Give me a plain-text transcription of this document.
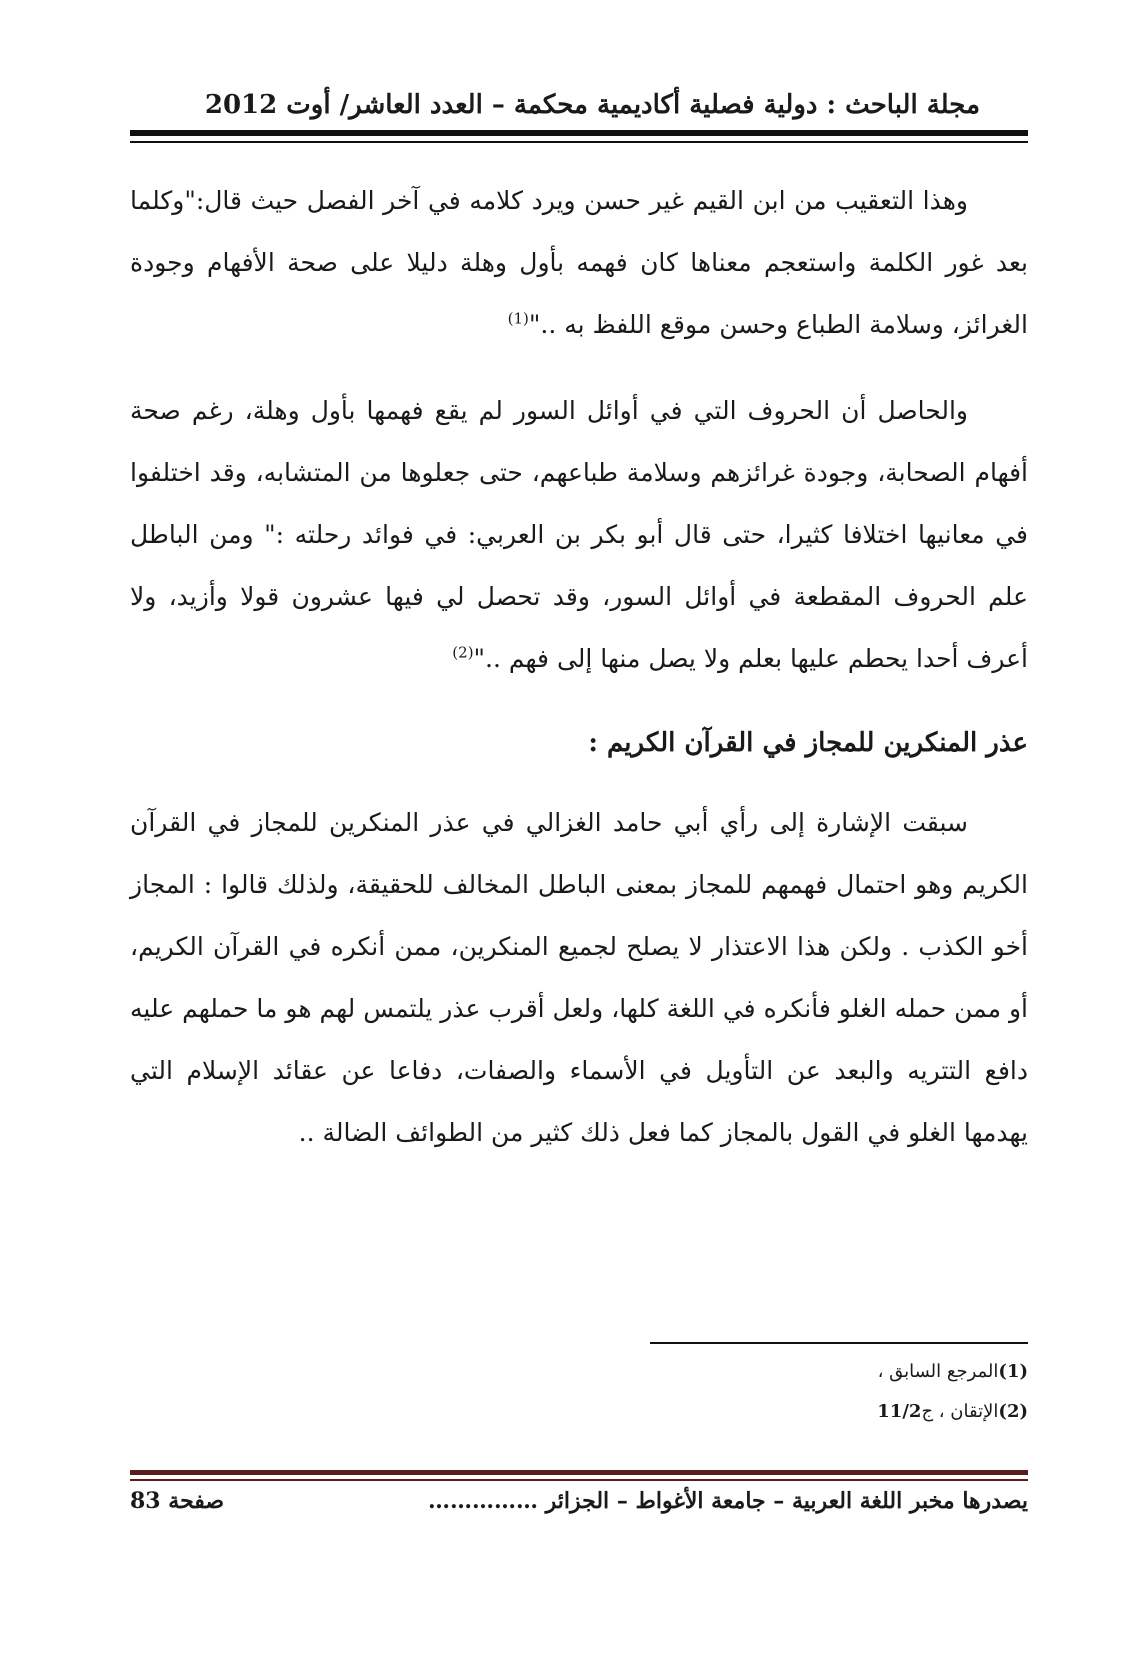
مجلة الباحث : دولية فصلية أكاديمية محكمة – العدد العاشر/ أوت 2012

وهذا التعقيب من ابن القيم غير حسن ويرد كلامه في آخر الفصل حيث قال:"وكلما بعد غور الكلمة واستعجم معناها كان فهمه بأول وهلة دليلا على صحة الأفهام وجودة الغرائز، وسلامة الطباع وحسن موقع اللفظ به .."$^{(1)}$

والحاصل أن الحروف التي في أوائل السور لم يقع فهمها بأول وهلة، رغم صحة أفهام الصحابة، وجودة غرائزهم وسلامة طباعهم، حتى جعلوها من المتشابه، وقد اختلفوا في معانيها اختلافا كثيرا، حتى قال أبو بكر بن العربي: في فوائد رحلته :" ومن الباطل علم الحروف المقطعة في أوائل السور، وقد تحصل لي فيها عشرون قولا وأزيد، ولا أعرف أحدا يحطم عليها بعلم ولا يصل منها إلى فهم .."$^{(2)}$

عذر المنكرين للمجاز في القرآن الكريم :

سبقت الإشارة إلى رأي أبي حامد الغزالي في عذر المنكرين للمجاز في القرآن الكريم وهو احتمال فهمهم للمجاز بمعنى الباطل المخالف للحقيقة، ولذلك قالوا : المجاز أخو الكذب . ولكن هذا الاعتذار لا يصلح لجميع المنكرين، ممن أنكره في القرآن الكريم، أو ممن حمله الغلو فأنكره في اللغة كلها، ولعل أقرب عذر يلتمس لهم هو ما حملهم عليه دافع التتريه والبعد عن التأويل في الأسماء والصفات، دفاعا عن عقائد الإسلام التي يهدمها الغلو في القول بالمجاز كما فعل ذلك كثير من الطوائف الضالة ..

(1)المرجع السابق ،
(2)الإتقان ، ج11/2
يصدرها مخبر اللغة العربية – جامعة الأغواط – الجزائر ……………
صفحة 83
